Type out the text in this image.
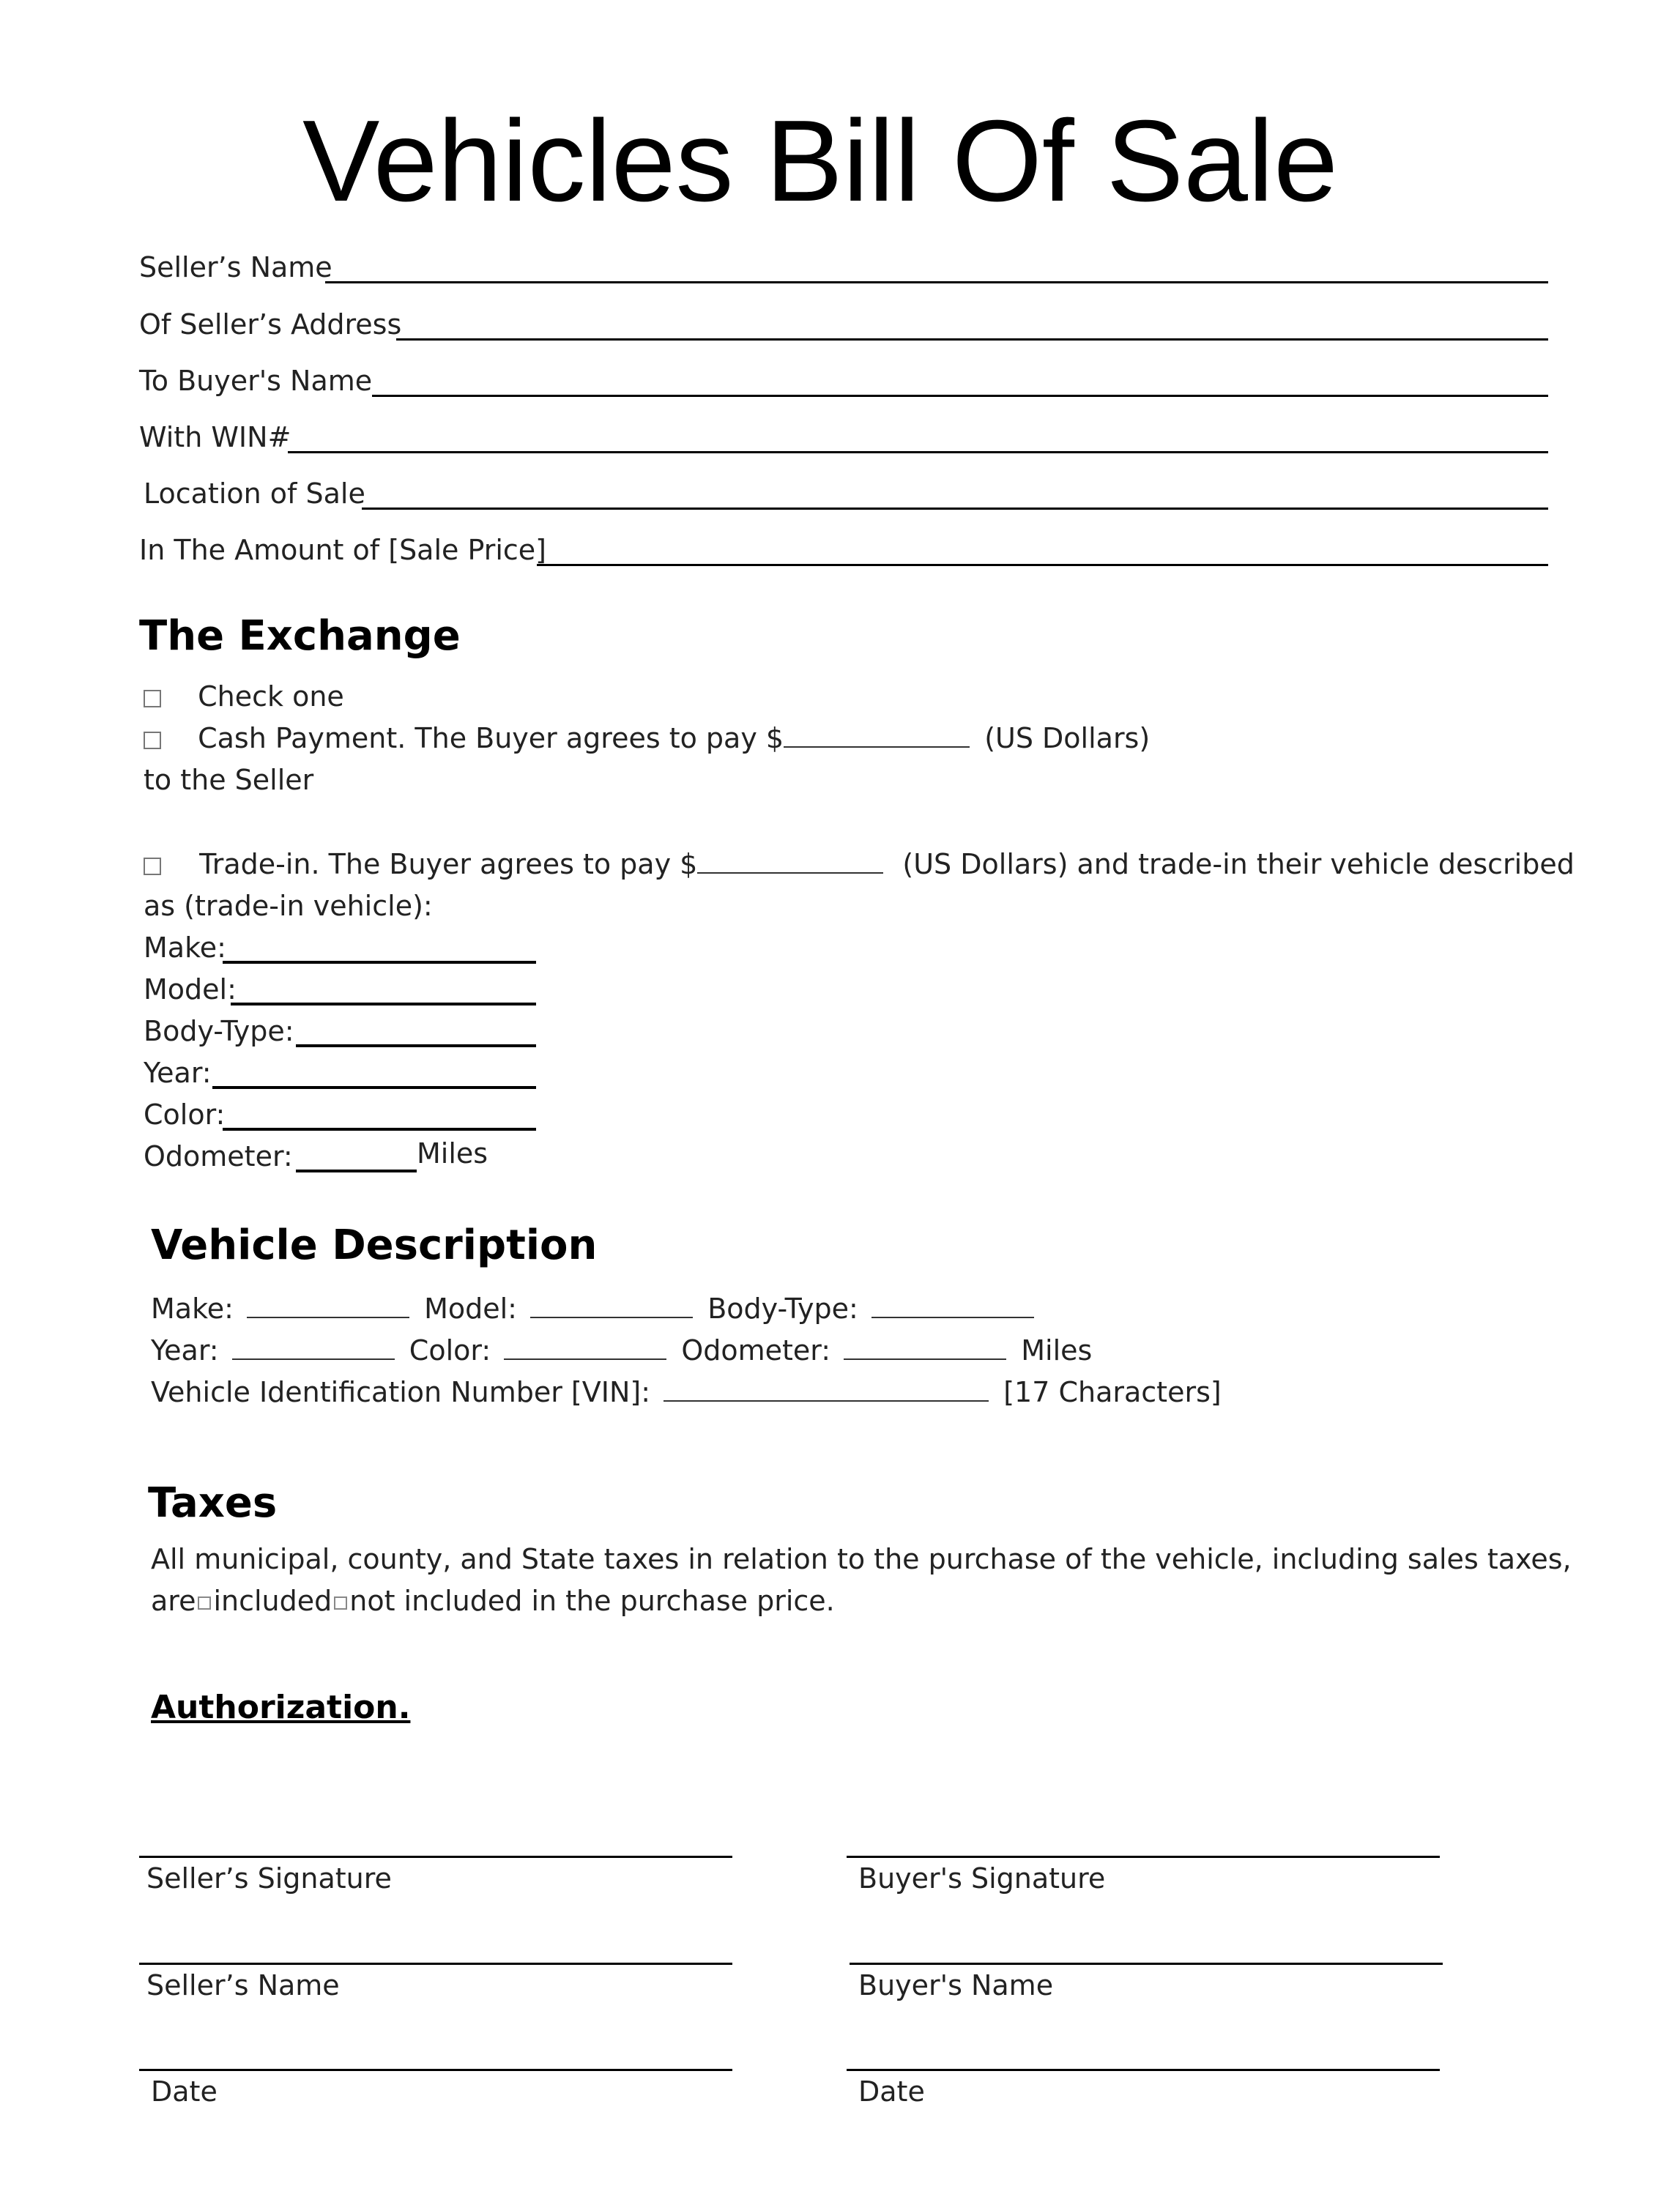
Vehicles Bill Of Sale
Seller’s Name
Of Seller’s Address
To Buyer's Name
With WIN#
Location of Sale
In The Amount of [Sale Price]
The Exchange
Check one
Cash Payment. The Buyer agrees to pay $	(US Dollars)
to the Seller
Trade-in. The Buyer agrees to pay $	(US Dollars) and trade-in their vehicle described
as (trade-in vehicle):
Make:
Model:
Body-Type:
Year:
Color:
Odometer:	Miles
Vehicle Description
Make:	Model:	Body-Type:
Year:	Color:	Odometer:	Miles
Vehicle Identification Number [VIN]:	[17 Characters]
Taxes
All municipal, county, and State taxes in relation to the purchase of the vehicle, including sales taxes,
are included not included in the purchase price.
Authorization.
Seller’s Signature	Buyer's Signature
Seller’s Name	Buyer's Name
Date	Date
